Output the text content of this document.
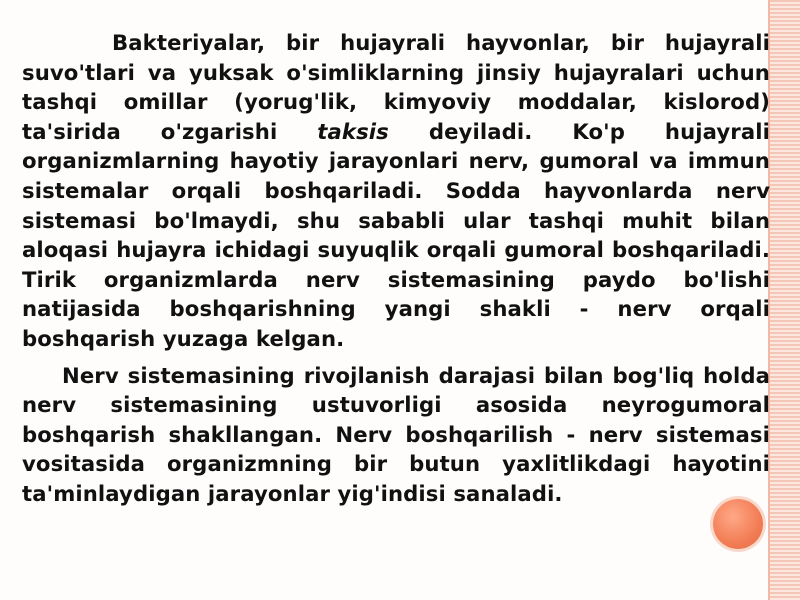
Bakteriyalar, bir hujayrali hayvonlar, bir hujayrali suvo'tlari va yuksak o'simliklarning jinsiy hujayralari uchun tashqi omillar (yorug'lik, kimyoviy moddalar, kislorod) ta'sirida o'zgarishi taksis deyiladi. Ko'p hujayrali organizmlarning hayotiy jarayonlari nerv, gumoral va immun sistemalar orqali boshqariladi. Sodda hayvonlarda nerv sistemasi bo'lmaydi, shu sababli ular tashqi muhit bilan aloqasi hujayra ichidagi suyuqlik orqali gumoral boshqariladi. Tirik organizmlarda nerv sistemasining paydo bo'lishi natijasida boshqarishning yangi shakli - nerv orqali boshqarish yuzaga kelgan.

Nerv sistemasining rivojlanish darajasi bilan bog'liq holda nerv sistemasining ustuvorligi asosida neyrogumoral boshqarish shakllangan. Nerv boshqarilish - nerv sistemasi vositasida organizmning bir butun yaxlitlikdagi hayotini ta'minlaydigan jarayonlar yig'indisi sanaladi.
